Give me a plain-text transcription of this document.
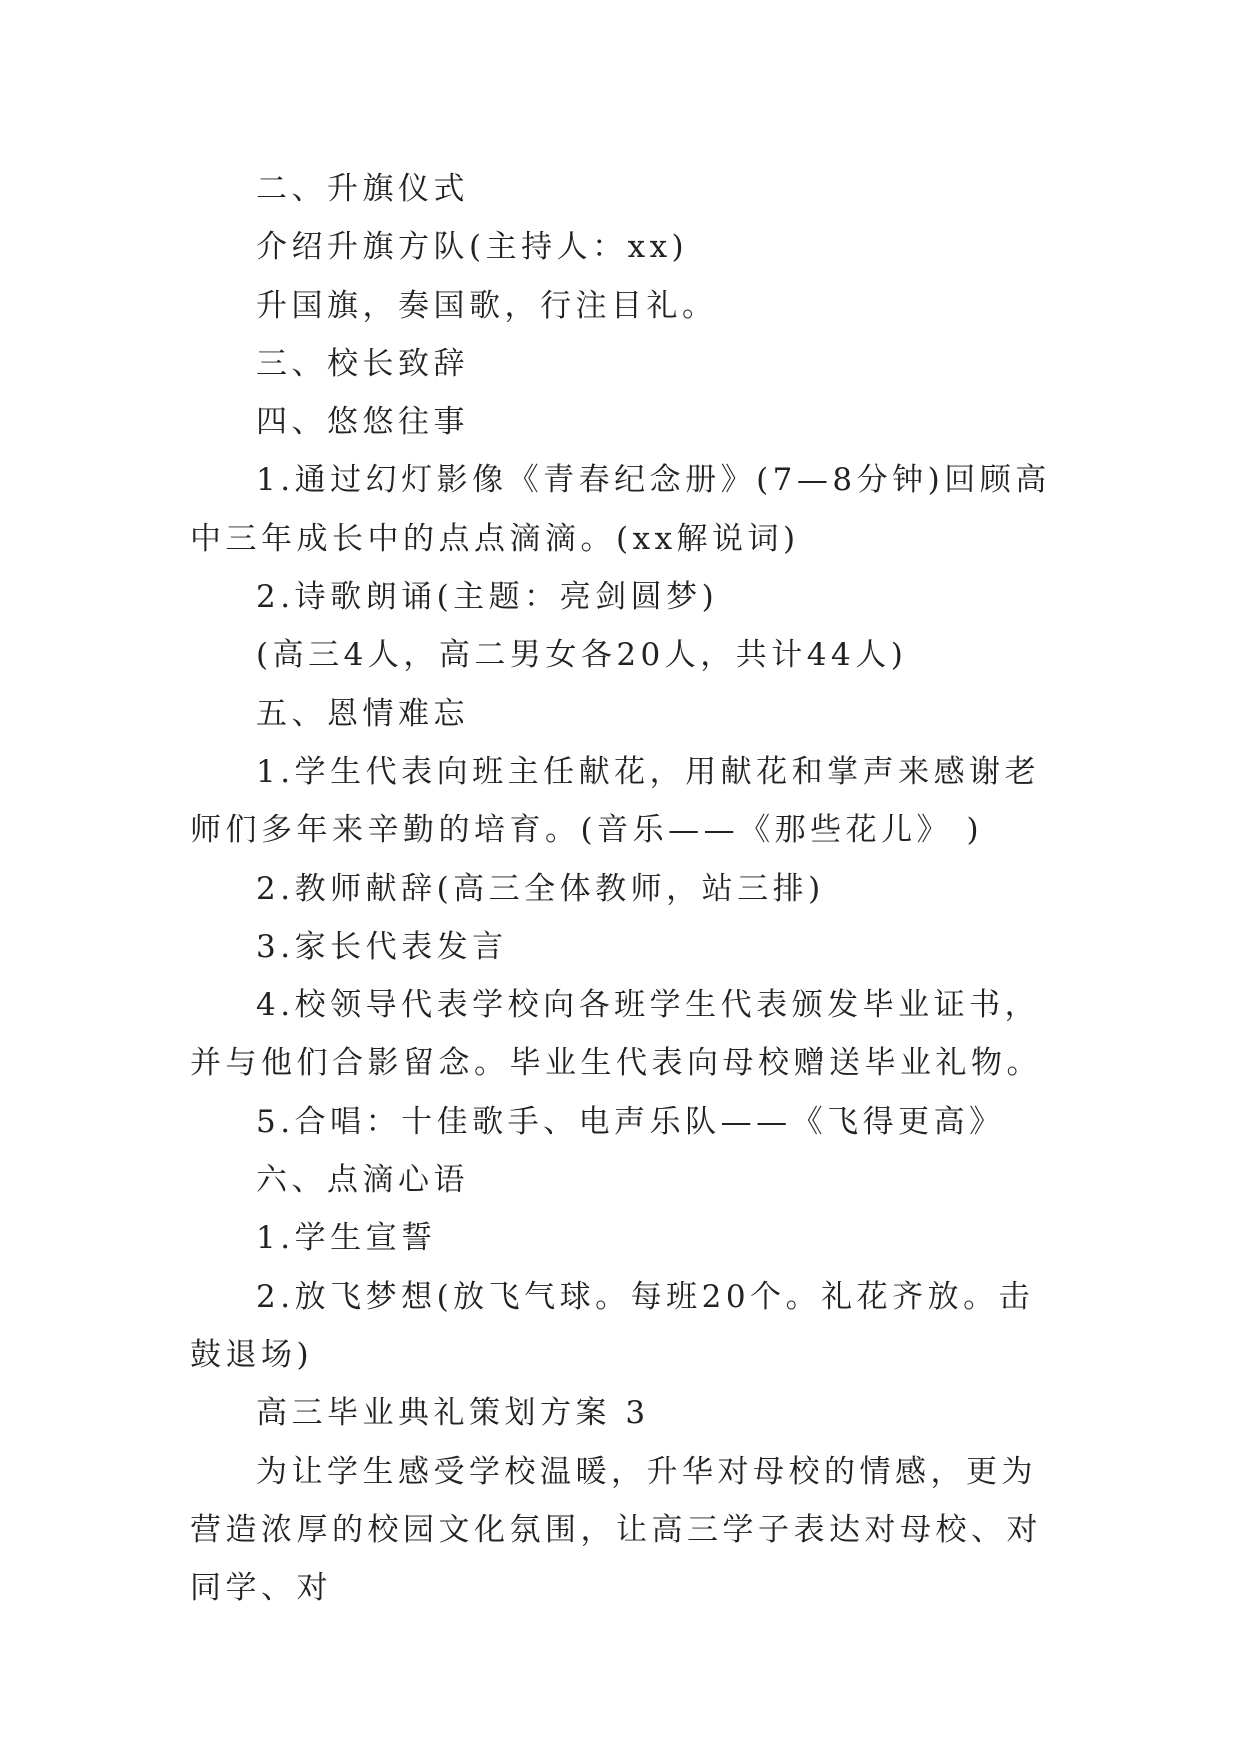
二、升旗仪式

介绍升旗方队(主持人：xx)

升国旗，奏国歌，行注目礼。

三、校长致辞

四、悠悠往事

1.通过幻灯影像《青春纪念册》(7—8分钟)回顾高中三年成长中的点点滴滴。(xx解说词)

2.诗歌朗诵(主题：亮剑圆梦)

(高三4人，高二男女各20人，共计44人)

五、恩情难忘

1.学生代表向班主任献花，用献花和掌声来感谢老师们多年来辛勤的培育。(音乐——《那些花儿》 )

2.教师献辞(高三全体教师，站三排)

3.家长代表发言

4.校领导代表学校向各班学生代表颁发毕业证书，并与他们合影留念。毕业生代表向母校赠送毕业礼物。

5.合唱：十佳歌手、电声乐队——《飞得更高》

六、点滴心语

1.学生宣誓

2.放飞梦想(放飞气球。每班20个。礼花齐放。击鼓退场)

高三毕业典礼策划方案 3

为让学生感受学校温暖，升华对母校的情感，更为营造浓厚的校园文化氛围，让高三学子表达对母校、对同学、对
